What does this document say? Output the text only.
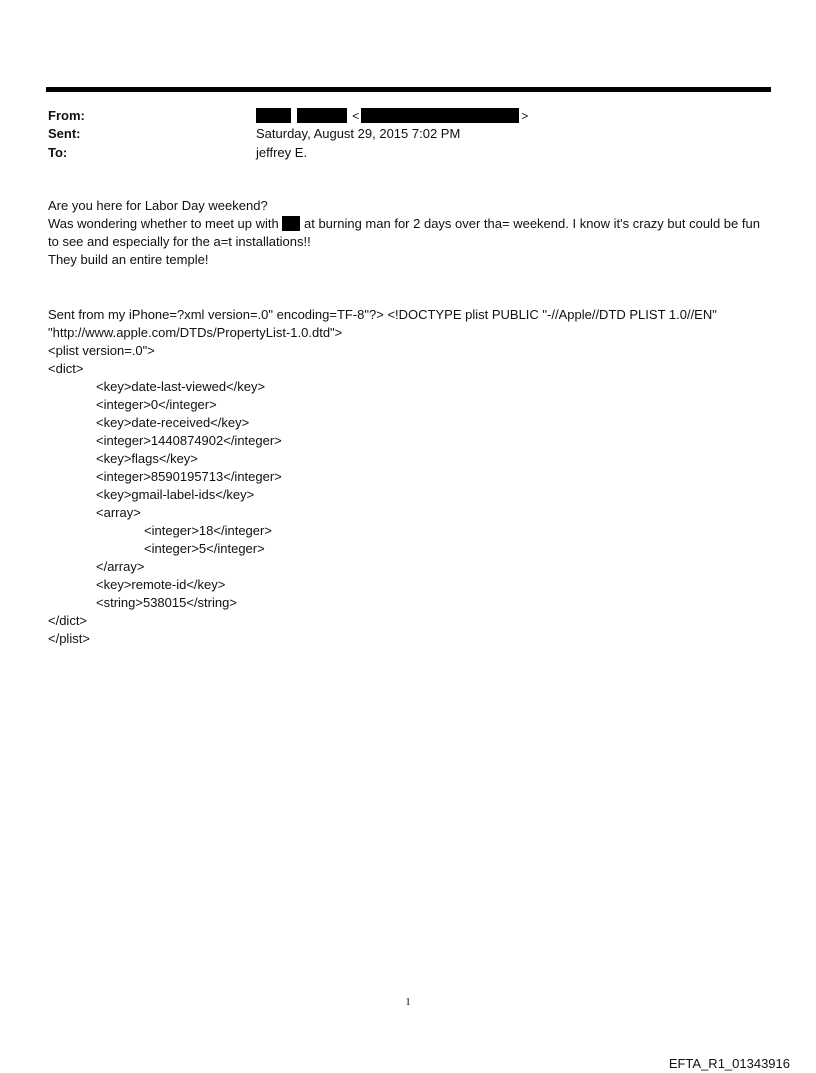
From:	<	>
Sent:	Saturday, August 29, 2015 7:02 PM
To:	jeffrey E.

Are you here for Labor Day weekend?

Was wondering whether to meet up with at burning man for 2 days over tha= weekend. I know it's crazy but could be fun to see and especially for the a=t installations!!

They build an entire temple!

Sent from my iPhone=?xml version=.0" encoding=TF-8"?> <!DOCTYPE plist PUBLIC "-//Apple//DTD PLIST 1.0//EN"
"http://www.apple.com/DTDs/PropertyList-1.0.dtd">
<plist version=.0">
<dict>
<key>date-last-viewed</key>
<integer>0</integer>
<key>date-received</key>
<integer>1440874902</integer>
<key>flags</key>
<integer>8590195713</integer>
<key>gmail-label-ids</key>
<array>
<integer>18</integer>
<integer>5</integer>
</array>
<key>remote-id</key>
<string>538015</string>
</dict>
</plist>
1
EFTA_R1_01343916
